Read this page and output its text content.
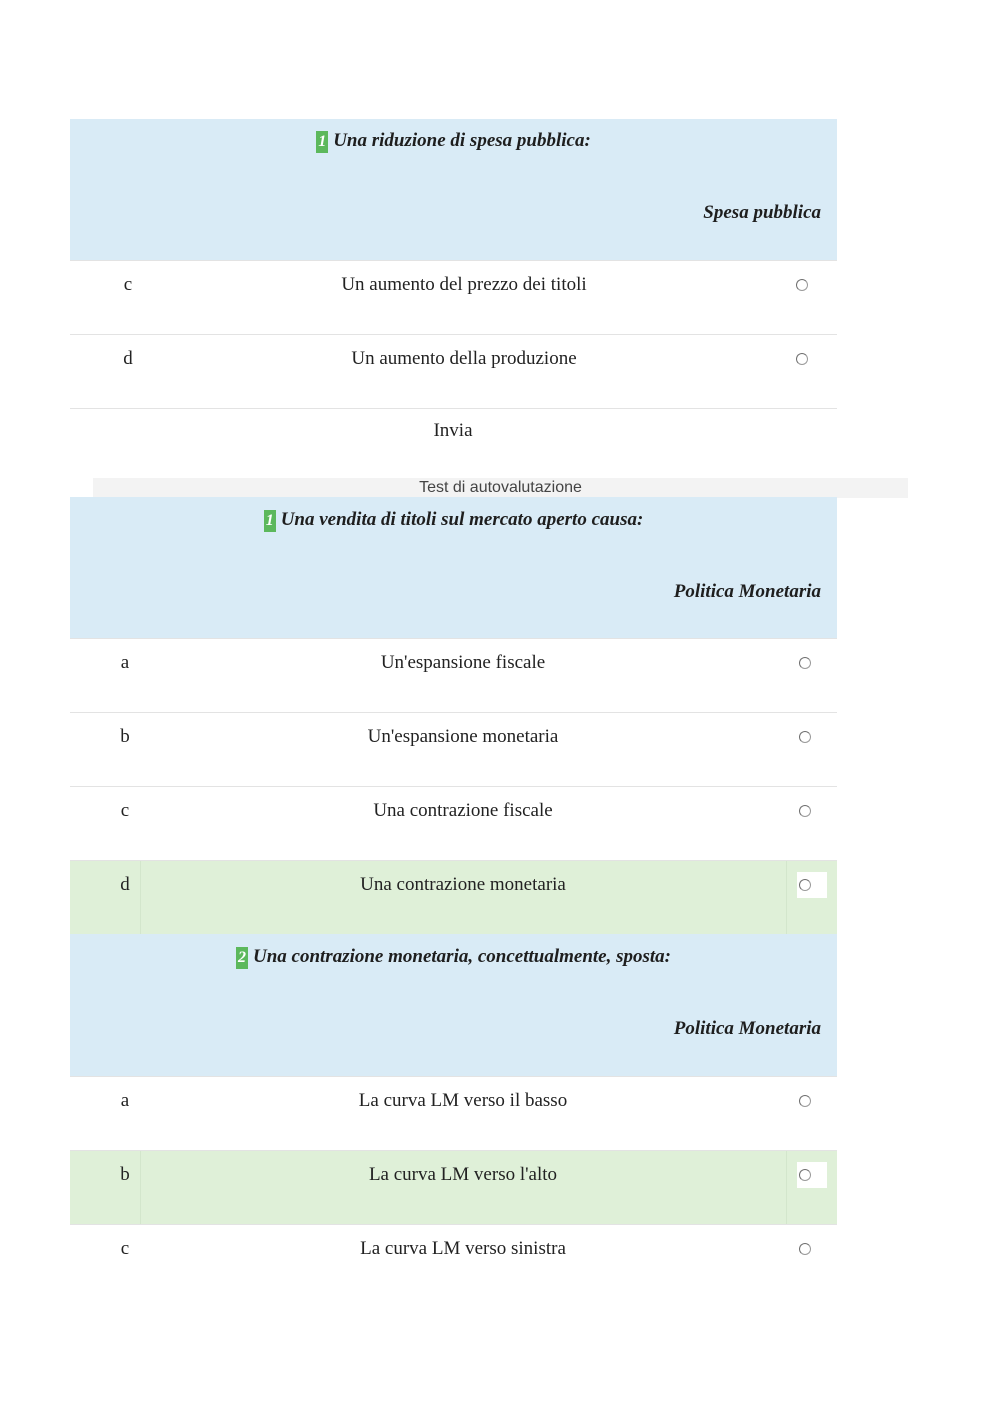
1 Una riduzione di spesa pubblica:
Spesa pubblica
c	Un aumento del prezzo dei titoli
d	Un aumento della produzione
Invia
Test di autovalutazione
1 Una vendita di titoli sul mercato aperto causa:
Politica Monetaria
a	Un'espansione fiscale
b	Un'espansione monetaria
c	Una contrazione fiscale
d	Una contrazione monetaria
2 Una contrazione monetaria, concettualmente, sposta:
Politica Monetaria
a	La curva LM verso il basso
b	La curva LM verso l'alto
c	La curva LM verso sinistra
